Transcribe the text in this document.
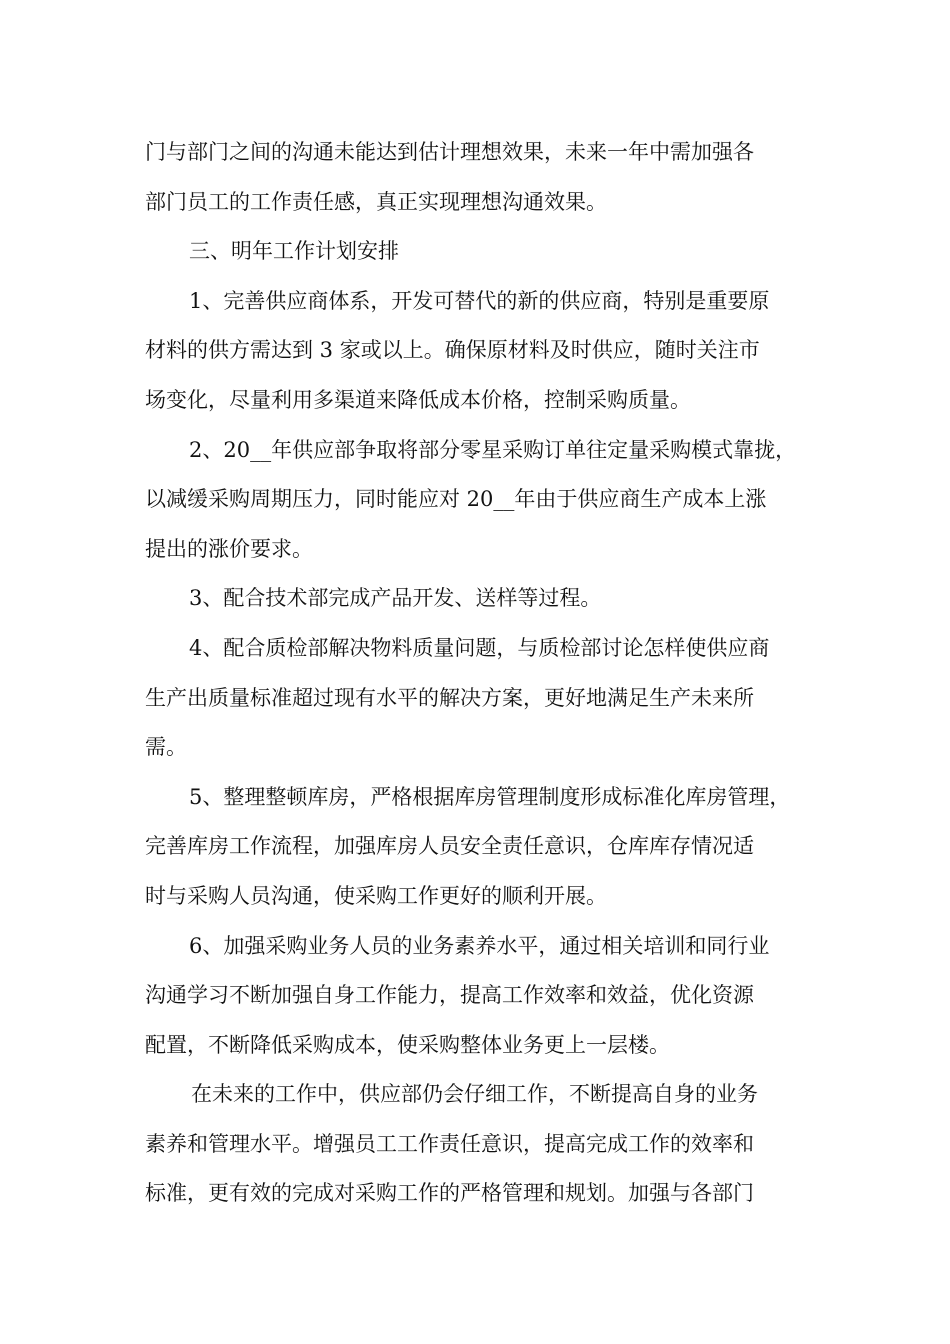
门与部门之间的沟通未能达到估计理想效果，未来一年中需加强各
部门员工的工作责任感，真正实现理想沟通效果。
三、明年工作计划安排
1、完善供应商体系，开发可替代的新的供应商，特别是重要原
材料的供方需达到 3 家或以上。确保原材料及时供应，随时关注市
场变化，尽量利用多渠道来降低成本价格，控制采购质量。
2、20__年供应部争取将部分零星采购订单往定量采购模式靠拢，
以减缓采购周期压力，同时能应对 20__年由于供应商生产成本上涨
提出的涨价要求。
3、配合技术部完成产品开发、送样等过程。
4、配合质检部解决物料质量问题，与质检部讨论怎样使供应商
生产出质量标准超过现有水平的解决方案，更好地满足生产未来所
需。
5、整理整顿库房，严格根据库房管理制度形成标准化库房管理，
完善库房工作流程，加强库房人员安全责任意识，仓库库存情况适
时与采购人员沟通，使采购工作更好的顺利开展。
6、加强采购业务人员的业务素养水平，通过相关培训和同行业
沟通学习不断加强自身工作能力，提高工作效率和效益，优化资源
配置，不断降低采购成本，使采购整体业务更上一层楼。
在未来的工作中，供应部仍会仔细工作，不断提高自身的业务
素养和管理水平。增强员工工作责任意识，提高完成工作的效率和
标准，更有效的完成对采购工作的严格管理和规划。加强与各部门
